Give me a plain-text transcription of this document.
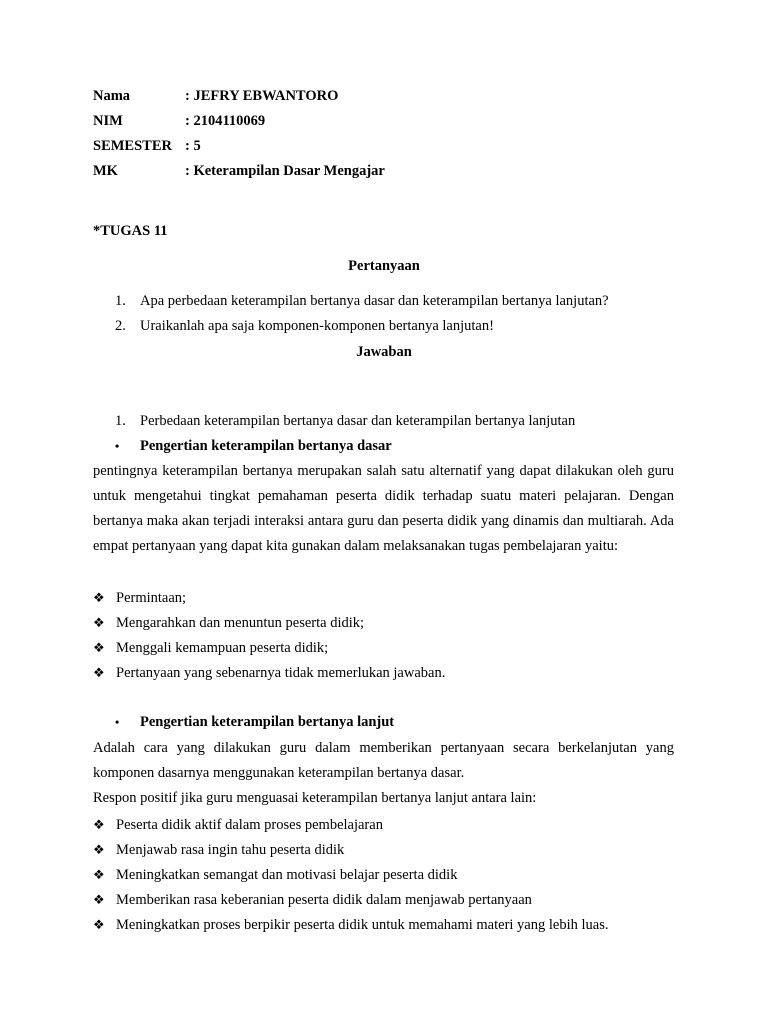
Nama	: JEFRY EBWANTORO
NIM	: 2104110069
SEMESTER : 5
MK	: Keterampilan Dasar Mengajar
*TUGAS 11
Pertanyaan
1. Apa perbedaan keterampilan bertanya dasar dan keterampilan bertanya lanjutan?
2. Uraikanlah apa saja komponen-komponen bertanya lanjutan!
Jawaban
1. Perbedaan keterampilan bertanya dasar dan keterampilan bertanya lanjutan
• Pengertian keterampilan bertanya dasar
pentingnya keterampilan bertanya merupakan salah satu alternatif yang dapat dilakukan oleh guru untuk mengetahui tingkat pemahaman peserta didik terhadap suatu materi pelajaran. Dengan bertanya maka akan terjadi interaksi antara guru dan peserta didik yang dinamis dan multiarah. Ada empat pertanyaan yang dapat kita gunakan dalam melaksanakan tugas pembelajaran yaitu:
❖ Permintaan;
❖ Mengarahkan dan menuntun peserta didik;
❖ Menggali kemampuan peserta didik;
❖ Pertanyaan yang sebenarnya tidak memerlukan jawaban.
• Pengertian keterampilan bertanya lanjut
Adalah cara yang dilakukan guru dalam memberikan pertanyaan secara berkelanjutan yang komponen dasarnya menggunakan keterampilan bertanya dasar.
Respon positif jika guru menguasai keterampilan bertanya lanjut antara lain:
❖ Peserta didik aktif dalam proses pembelajaran
❖ Menjawab rasa ingin tahu peserta didik
❖ Meningkatkan semangat dan motivasi belajar peserta didik
❖ Memberikan rasa keberanian peserta didik dalam menjawab pertanyaan
❖ Meningkatkan proses berpikir peserta didik untuk memahami materi yang lebih luas.
